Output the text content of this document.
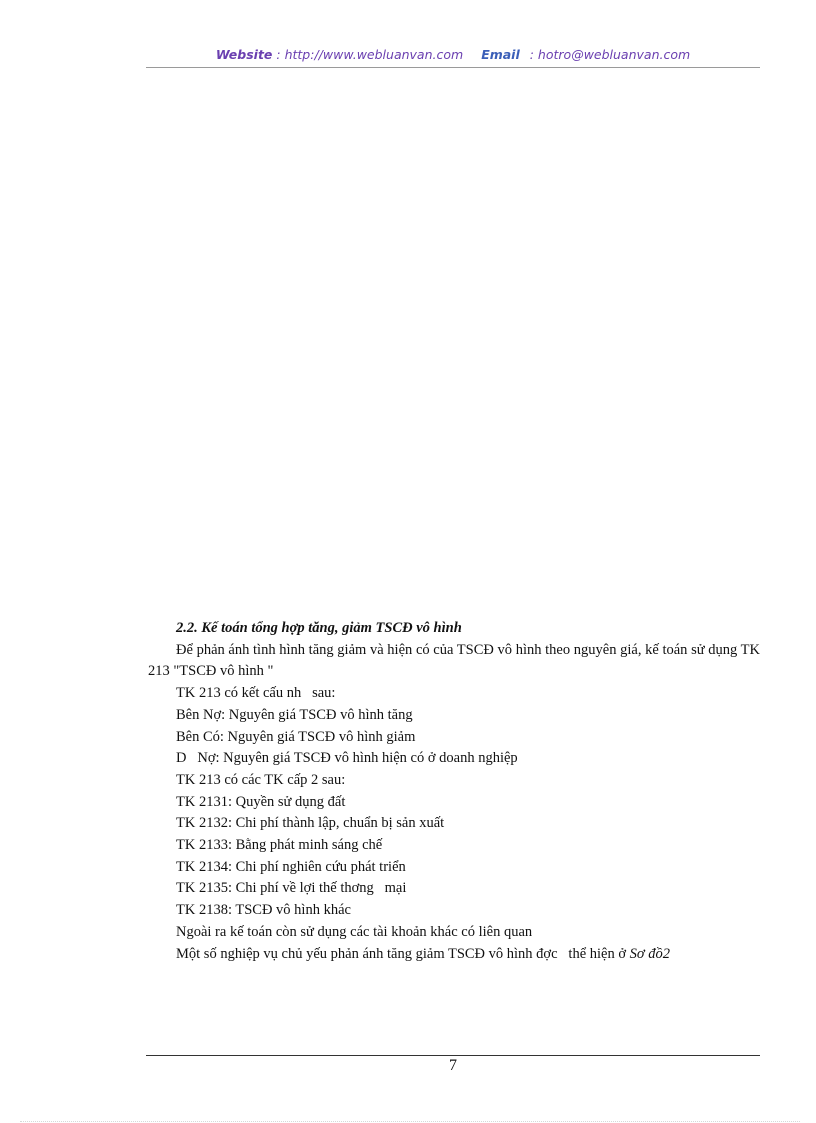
Website : http://www.webluanvan.com Email : hotro@webluanvan.com

2.2. Kế toán tổng hợp tăng, giảm TSCĐ vô hình

Để phản ánh tình hình tăng giảm và hiện có của TSCĐ vô hình theo nguyên giá, kế toán sử dụng TK 213 "TSCĐ vô hình "

TK 213 có kết cấu nh   sau:

Bên Nợ: Nguyên giá TSCĐ vô hình tăng

Bên Có: Nguyên giá TSCĐ vô hình giảm

D   Nợ: Nguyên giá TSCĐ vô hình hiện có ở doanh nghiệp

TK 213 có các TK cấp 2 sau:

TK 2131: Quyền sử dụng đất

TK 2132: Chi phí thành lập, chuẩn bị sản xuất

TK 2133: Bằng phát minh sáng chế

TK 2134: Chi phí nghiên cứu phát triển

TK 2135: Chi phí về lợi thế thơng   mại

TK 2138: TSCĐ vô hình khác

Ngoài ra kế toán còn sử dụng các tài khoản khác có liên quan

Một số nghiệp vụ chủ yếu phản ánh tăng giảm TSCĐ vô hình đợc   thể hiện ở Sơ đồ2

7
